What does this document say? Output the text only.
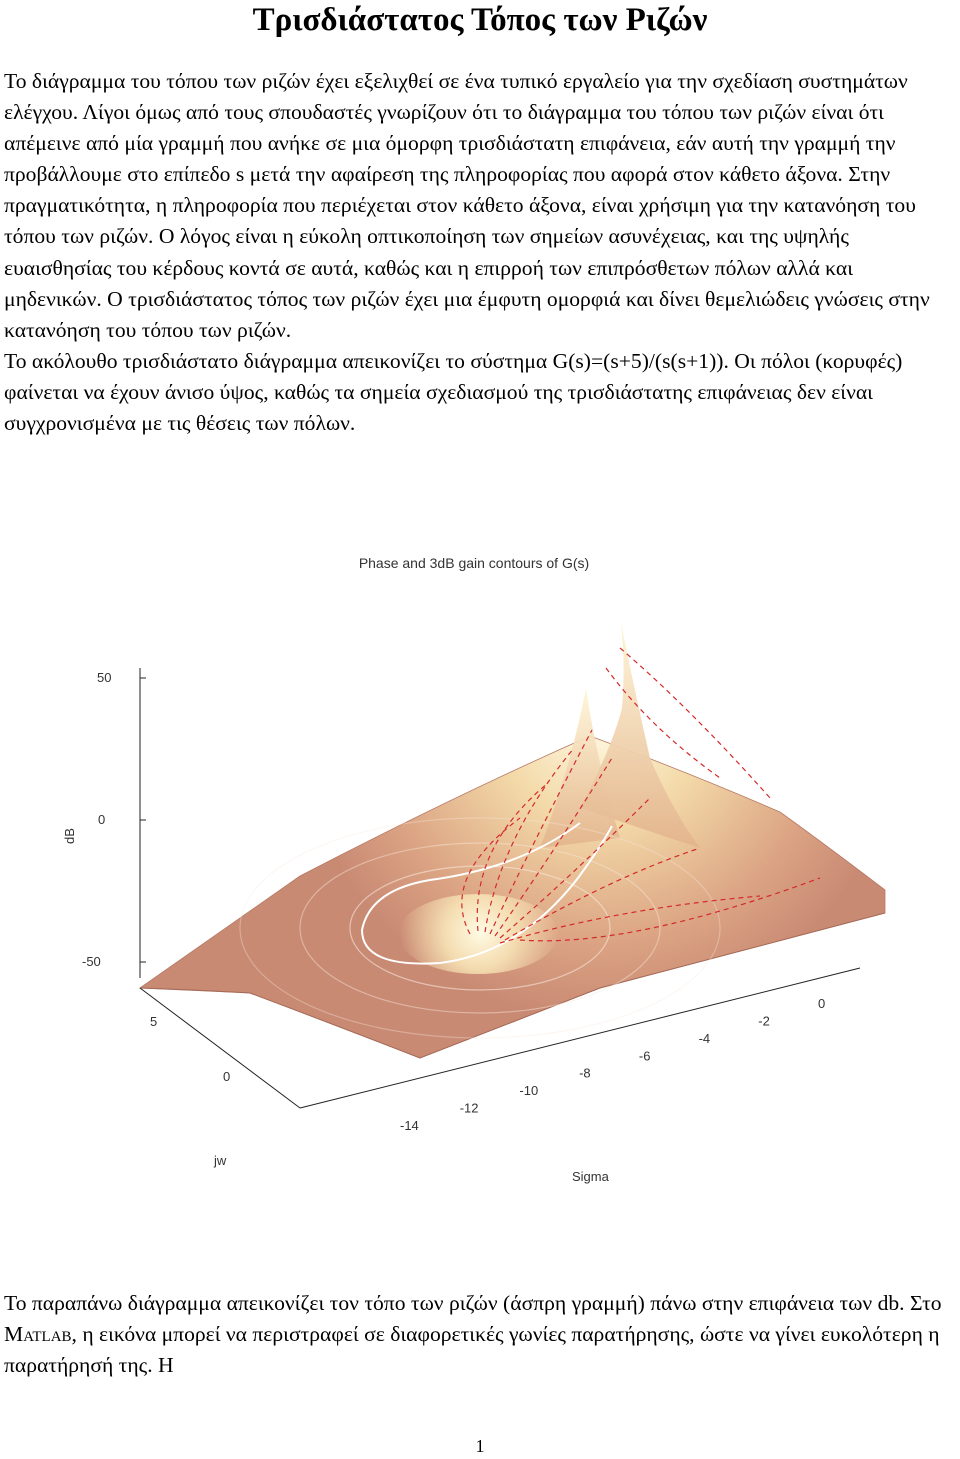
Τρισδιάστατος Τόπος των Ριζών

Το διάγραμμα του τόπου των ριζών έχει εξελιχθεί σε ένα τυπικό εργαλείο για την σχεδίαση συστημάτων ελέγχου. Λίγοι όμως από τους σπουδαστές γνωρίζουν ότι το διάγραμμα του τόπου των ριζών είναι ότι απέμεινε από μία γραμμή που ανήκε σε μια όμορφη τρισδιάστατη επιφάνεια, εάν αυτή την γραμμή την προβάλλουμε στο επίπεδο s μετά την αφαίρεση της πληροφορίας που αφορά στον κάθετο άξονα. Στην πραγματικότητα, η πληροφορία που περιέχεται στον κάθετο άξονα, είναι χρήσιμη για την κατανόηση του τόπου των ριζών. Ο λόγος είναι η εύκολη οπτικοποίηση των σημείων ασυνέχειας, και της υψηλής ευαισθησίας του κέρδους κοντά σε αυτά, καθώς και η επιρροή των επιπρόσθετων πόλων αλλά και μηδενικών. Ο τρισδιάστατος τόπος των ριζών έχει μια έμφυτη ομορφιά και δίνει θεμελιώδεις γνώσεις στην κατανόηση του τόπου των ριζών.

Το ακόλουθο τρισδιάστατο διάγραμμα απεικονίζει το σύστημα G(s)=(s+5)/(s(s+1)). Οι πόλοι (κορυφές) φαίνεται να έχουν άνισο ύψος, καθώς τα σημεία σχεδιασμού της τρισδιάστατης επιφάνειας δεν είναι συγχρονισμένα με τις θέσεις των πόλων.

Phase and 3dB gain contours of G(s)
50
0
-50
dB
5
0
jw
-14
-12
-10
-8
-6
-4
-2
0
Sigma

Το παραπάνω διάγραμμα απεικονίζει τον τόπο των ριζών (άσπρη γραμμή) πάνω στην επιφάνεια των db. Στο Matlab, η εικόνα μπορεί να περιστραφεί σε διαφορετικές γωνίες παρατήρησης, ώστε να γίνει ευκολότερη η παρατήρησή της. Η

1
